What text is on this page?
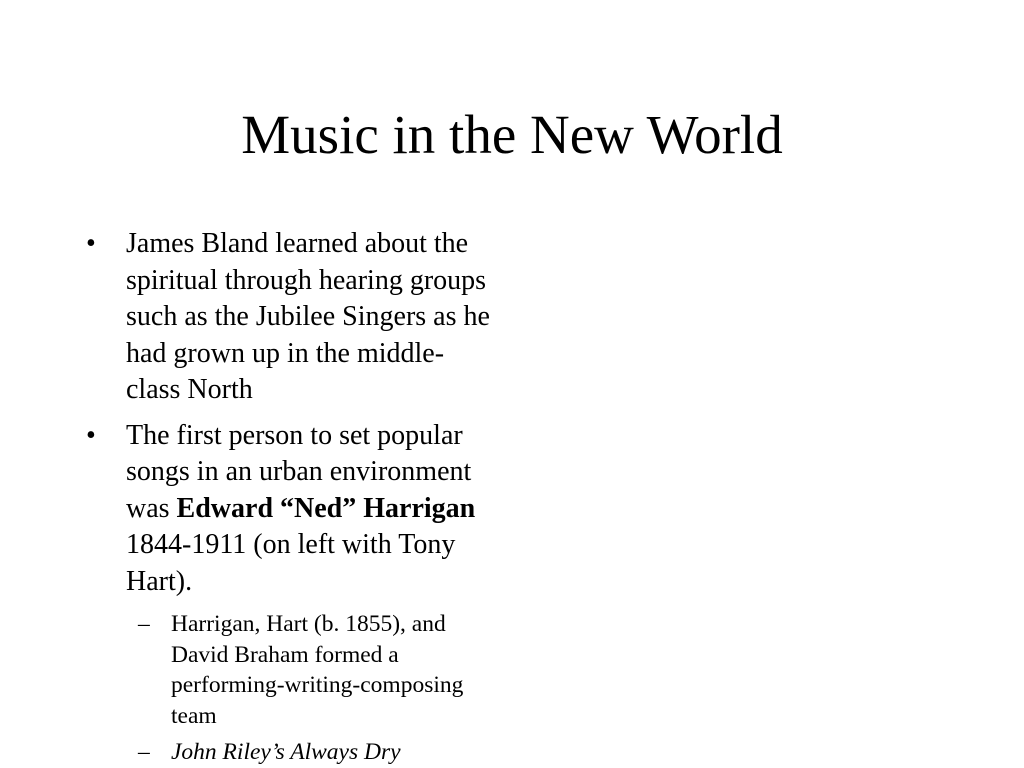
Music in the New World
• James Bland learned about the
spiritual through hearing groups
such as the Jubilee Singers as he
had grown up in the middle-
class North
• The first person to set popular
songs in an urban environment
was Edward “Ned” Harrigan
1844-1911 (on left with Tony
Hart).
– Harrigan, Hart (b. 1855), and
David Braham formed a
performing-writing-composing
team
– John Riley’s Always Dry
